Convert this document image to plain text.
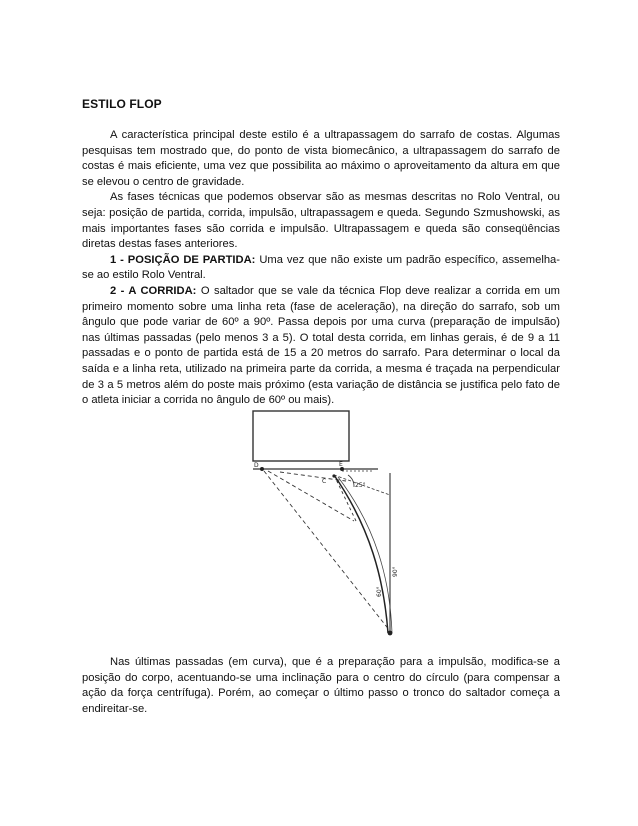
ESTILO FLOP

A característica principal deste estilo é a ultrapassagem do sarrafo de costas. Algumas pesquisas tem mostrado que, do ponto de vista biomecânico, a ultrapassagem do sarrafo de costas é mais eficiente, uma vez que possibilita ao máximo o aproveitamento da altura em que se elevou o centro de gravidade.

As fases técnicas que podemos observar são as mesmas descritas no Rolo Ventral, ou seja: posição de partida, corrida, impulsão, ultrapassagem e queda. Segundo Szmushowski, as mais importantes fases são corrida e impulsão. Ultrapassagem e queda são conseqüências diretas destas fases anteriores.

1 - POSIÇÃO DE PARTIDA: Uma vez que não existe um padrão específico, assemelha-se ao estilo Rolo Ventral.

2 - A CORRIDA: O saltador que se vale da técnica Flop deve realizar a corrida em um primeiro momento sobre uma linha reta (fase de aceleração), na direção do sarrafo, sob um ângulo que pode variar de 60º a 90º. Passa depois por uma curva (preparação de impulsão) nas últimas passadas (pelo menos 3 a 5). O total desta corrida, em linhas gerais, é de 9 a 11 passadas e o ponto de partida está de 15 a 20 metros do sarrafo. Para determinar o local da saída e a linha reta, utilizado na primeira parte da corrida, a mesma é traçada na perpendicular de 3 a 5 metros além do poste mais próximo (esta variação de distância se justifica pelo fato de o atleta iniciar a corrida no ângulo de 60º ou mais).

D	E
C
25°
60°
90°

Nas últimas passadas (em curva), que é a preparação para a impulsão, modifica-se a posição do corpo, acentuando-se uma inclinação para o centro do círculo (para compensar a ação da força centrífuga). Porém, ao começar o último passo o tronco do saltador começa a endireitar-se.
